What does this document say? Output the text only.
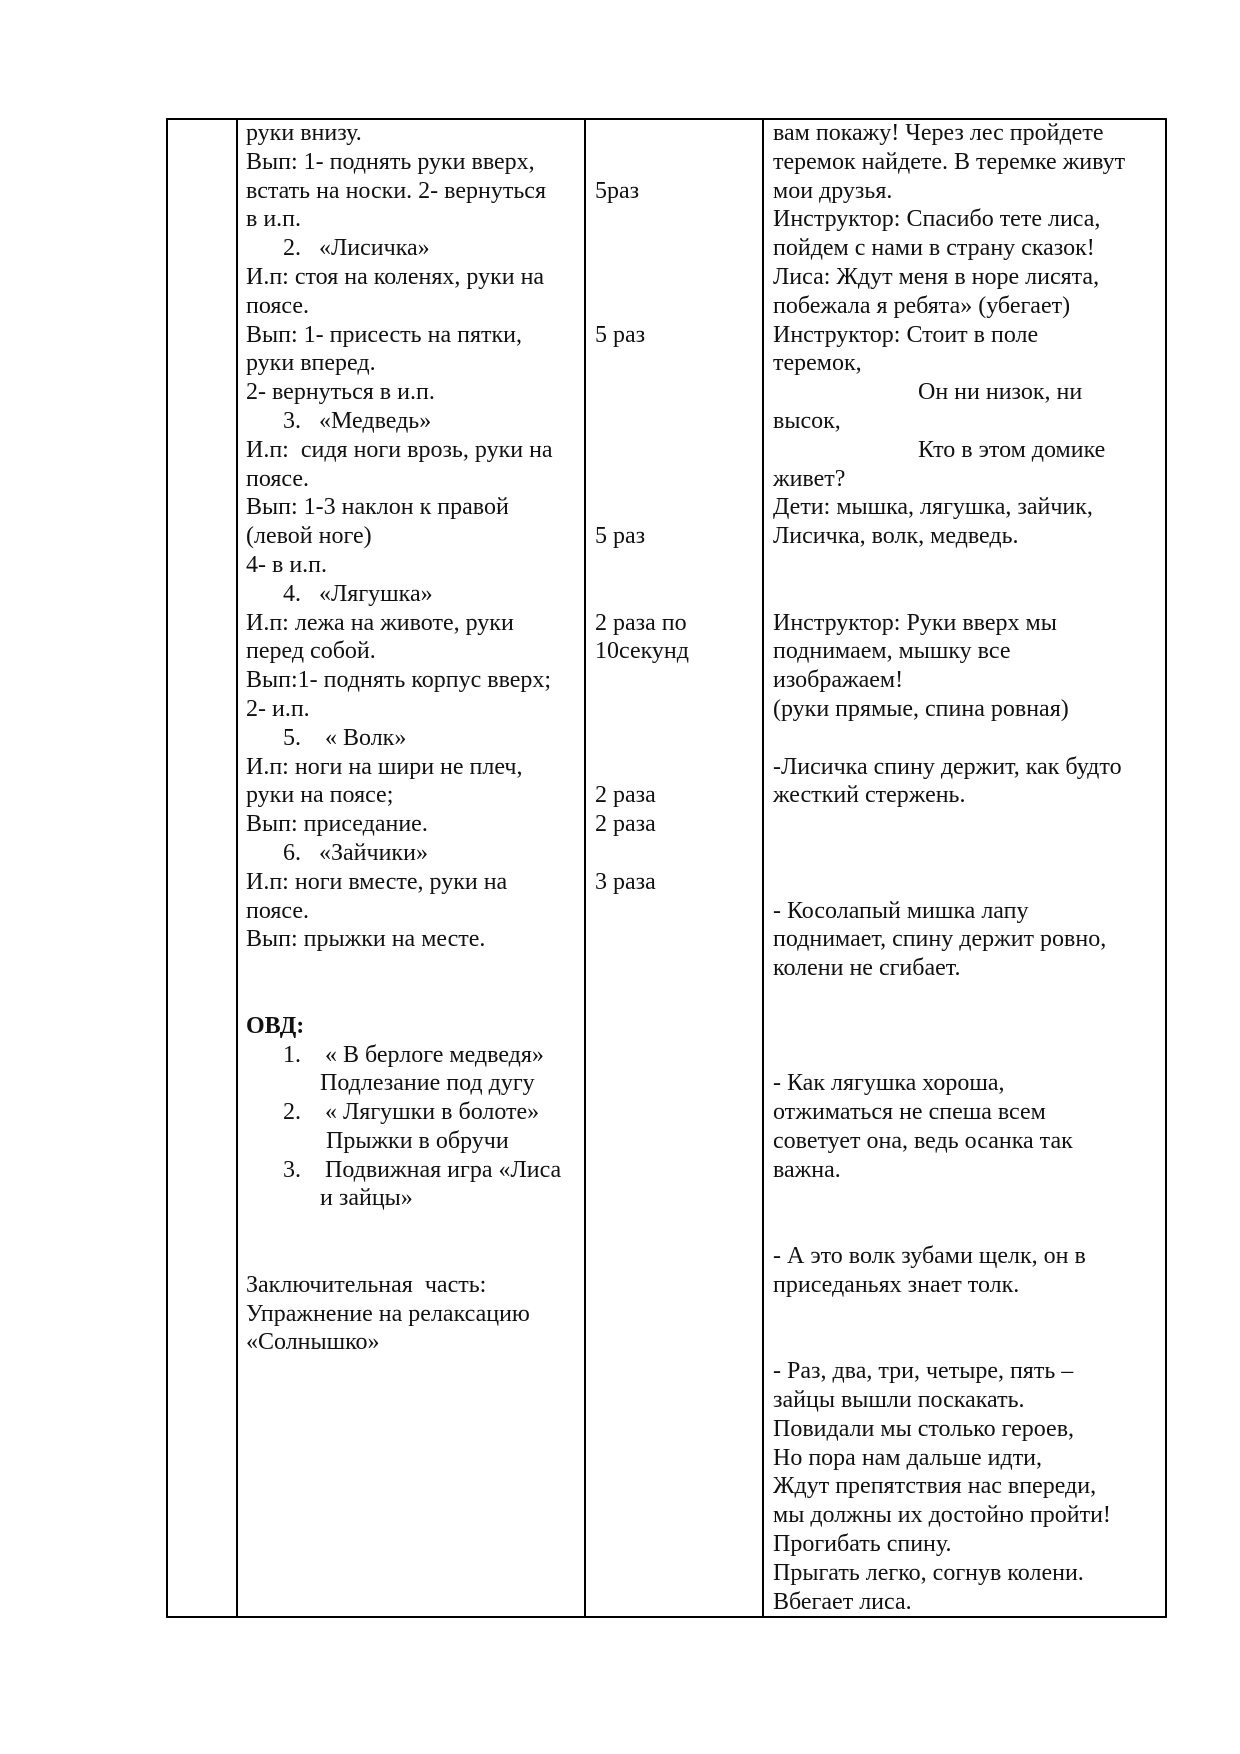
руки внизу.

Вып: 1- поднять руки вверх,

встать на носки. 2- вернуться

в и.п.

2.   «Лисичка»

И.п: стоя на коленях, руки на

поясе.

Вып: 1- присесть на пятки,

руки вперед.

2- вернуться в и.п.

3.   «Медведь»

И.п:  сидя ноги врозь, руки на

поясе.

Вып: 1-3 наклон к правой

(левой ноге)

4- в и.п.

4.   «Лягушка»

И.п: лежа на животе, руки

перед собой.

Вып:1- поднять корпус вверх;

2- и.п.

5.    « Волк»

И.п: ноги на шири не плеч,

руки на поясе;

Вып: приседание.

6.   «Зайчики»

И.п: ноги вместе, руки на

поясе.

Вып: прыжки на месте.

ОВД:

1.    « В берлоге медведя»

Подлезание под дугу

2.    « Лягушки в болоте»

Прыжки в обручи

3.    Подвижная игра «Лиса

и зайцы»

Заключительная  часть:

Упражнение на релаксацию

«Солнышко»

5раз

5 раз

5 раз

2 раза по

10секунд

2 раза

2 раза

3 раза

вам покажу! Через лес пройдете

теремок найдете. В теремке живут

мои друзья.

Инструктор: Спасибо тете лиса,

пойдем с нами в страну сказок!

Лиса: Ждут меня в норе лисята,

побежала я ребята» (убегает)

Инструктор: Стоит в поле

теремок,

Он ни низок, ни

высок,

Кто в этом домике

живет?

Дети: мышка, лягушка, зайчик,

Лисичка, волк, медведь.

Инструктор: Руки вверх мы

поднимаем, мышку все

изображаем!

(руки прямые, спина ровная)

-Лисичка спину держит, как будто

жесткий стержень.

- Косолапый мишка лапу

поднимает, спину держит ровно,

колени не сгибает.

- Как лягушка хороша,

отжиматься не спеша всем

советует она, ведь осанка так

важна.

- А это волк зубами щелк, он в

приседаньях знает толк.

- Раз, два, три, четыре, пять –

зайцы вышли поскакать.

Повидали мы столько героев,

Но пора нам дальше идти,

Ждут препятствия нас впереди,

мы должны их достойно пройти!

Прогибать спину.

Прыгать легко, согнув колени.

Вбегает лиса.
